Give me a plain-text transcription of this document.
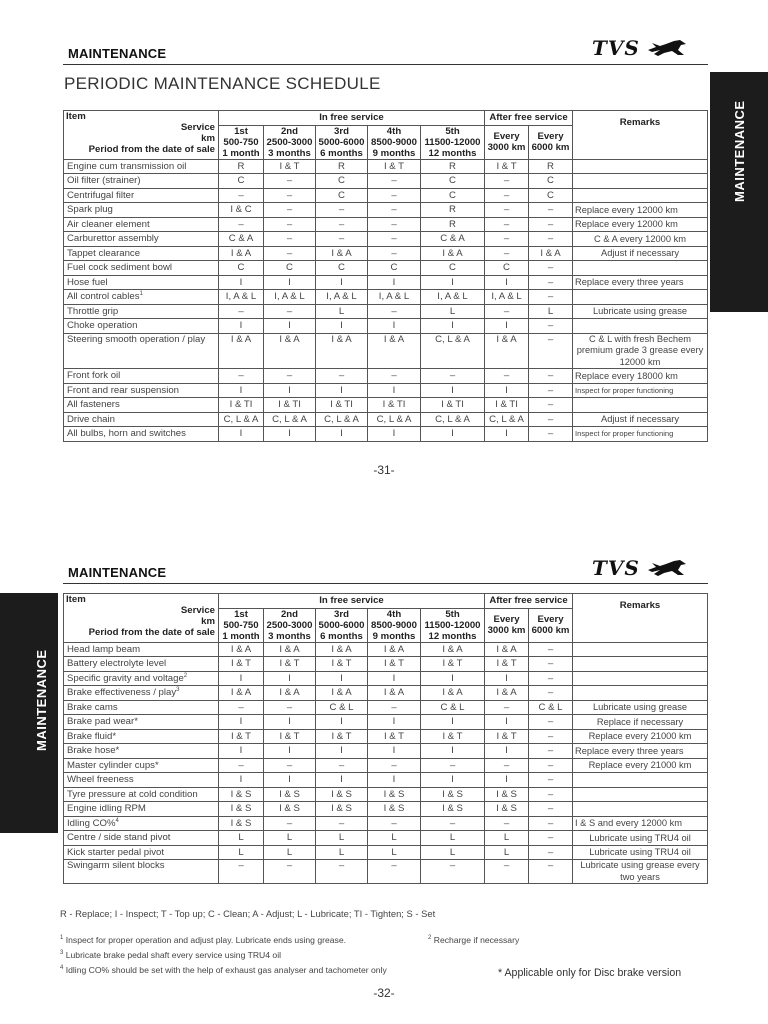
MAINTENANCE	TVS
MAINTENANCE
PERIODIC MAINTENANCE SCHEDULE
Item
Service
km
Period from the date of sale	In free service					After free service		Remarks

	1st
500-750
1 month	2nd
2500-3000
3 months	3rd
5000-6000
6 months	4th
8500-9000
9 months	5th
11500-12000
12 months	Every
3000 km	Every
6000 km	

Engine cum transmission oil	R	I & T	R	I & T	R	I & T	R	
Oil filter (strainer)	C	–	C	–	C	–	C	
Centrifugal filter	–	–	C	–	C	–	C	
Spark plug	I & C	–	–	–	R	–	–	Replace every 12000 km
Air cleaner element	–	–	–	–	R	–	–	Replace every 12000 km
Carburettor assembly	C & A	–	–	–	C & A	–	–	C & A every 12000 km
Tappet clearance	I & A	–	I & A	–	I & A	–	I & A	Adjust if necessary
Fuel cock sediment bowl	C	C	C	C	C	C	–	
Hose fuel	I	I	I	I	I	I	–	Replace every three years
All control cables$^1$	I, A & L	I, A & L	I, A & L	I, A & L	I, A & L	I, A & L	–	
Throttle grip	–	–	L	–	L	–	L	Lubricate using grease
Choke operation	I	I	I	I	I	I	–	
Steering smooth operation / play	I & A	I & A	I & A	I & A	C, L & A	I & A	–	C & L with fresh Bechem premium grade 3 grease every 12000 km
Front fork oil	–	–	–	–	–	–	–	Replace every 18000 km
Front and rear suspension	I	I	I	I	I	I	–	Inspect for proper functioning
All fasteners	I & TI	I & TI	I & TI	I & TI	I & TI	I & TI	–	
Drive chain	C, L & A	C, L & A	C, L & A	C, L & A	C, L & A	C, L & A	–	Adjust if necessary
All bulbs, horn and switches	I	I	I	I	I	I	–	Inspect for proper functioning
-31-
MAINTENANCE	TVS
MAINTENANCE
Item
Service
km
Period from the date of sale	In free service					After free service		Remarks

	1st
500-750
1 month	2nd
2500-3000
3 months	3rd
5000-6000
6 months	4th
8500-9000
9 months	5th
11500-12000
12 months	Every
3000 km	Every
6000 km	

Head lamp beam	I & A	I & A	I & A	I & A	I & A	I & A	–	
Battery electrolyte level	I & T	I & T	I & T	I & T	I & T	I & T	–	
Specific gravity and voltage$^2$	I	I	I	I	I	I	–	
Brake effectiveness / play$^3$	I & A	I & A	I & A	I & A	I & A	I & A	–	
Brake cams	–	–	C & L	–	C & L	–	C & L	Lubricate using grease
Brake pad wear*	I	I	I	I	I	I	–	Replace if necessary
Brake fluid*	I & T	I & T	I & T	I & T	I & T	I & T	–	Replace every 21000 km
Brake hose*	I	I	I	I	I	I	–	Replace every three years
Master cylinder cups*	–	–	–	–	–	–	–	Replace every 21000 km
Wheel freeness	I	I	I	I	I	I	–	
Tyre pressure at cold condition	I & S	I & S	I & S	I & S	I & S	I & S	–	
Engine idling RPM	I & S	I & S	I & S	I & S	I & S	I & S	–	
Idling CO%$^4$	I & S	–	–	–	–	–	–	I & S and every 12000 km
Centre / side stand pivot	L	L	L	L	L	L	–	Lubricate using TRU4 oil
Kick starter pedal pivot	L	L	L	L	L	L	–	Lubricate using TRU4 oil
Swingarm silent blocks	–	–	–	–	–	–	–	Lubricate using grease every two years
R - Replace; I - Inspect; T - Top up; C - Clean; A - Adjust; L - Lubricate; TI - Tighten; S - Set
$^1$ Inspect for proper operation and adjust play. Lubricate ends using grease.	$^2$ Recharge if necessary
$^3$ Lubricate brake pedal shaft every service using TRU4 oil
$^4$ Idling CO% should be set with the help of exhaust gas analyser and tachometer only	* Applicable only for Disc brake version
-32-
